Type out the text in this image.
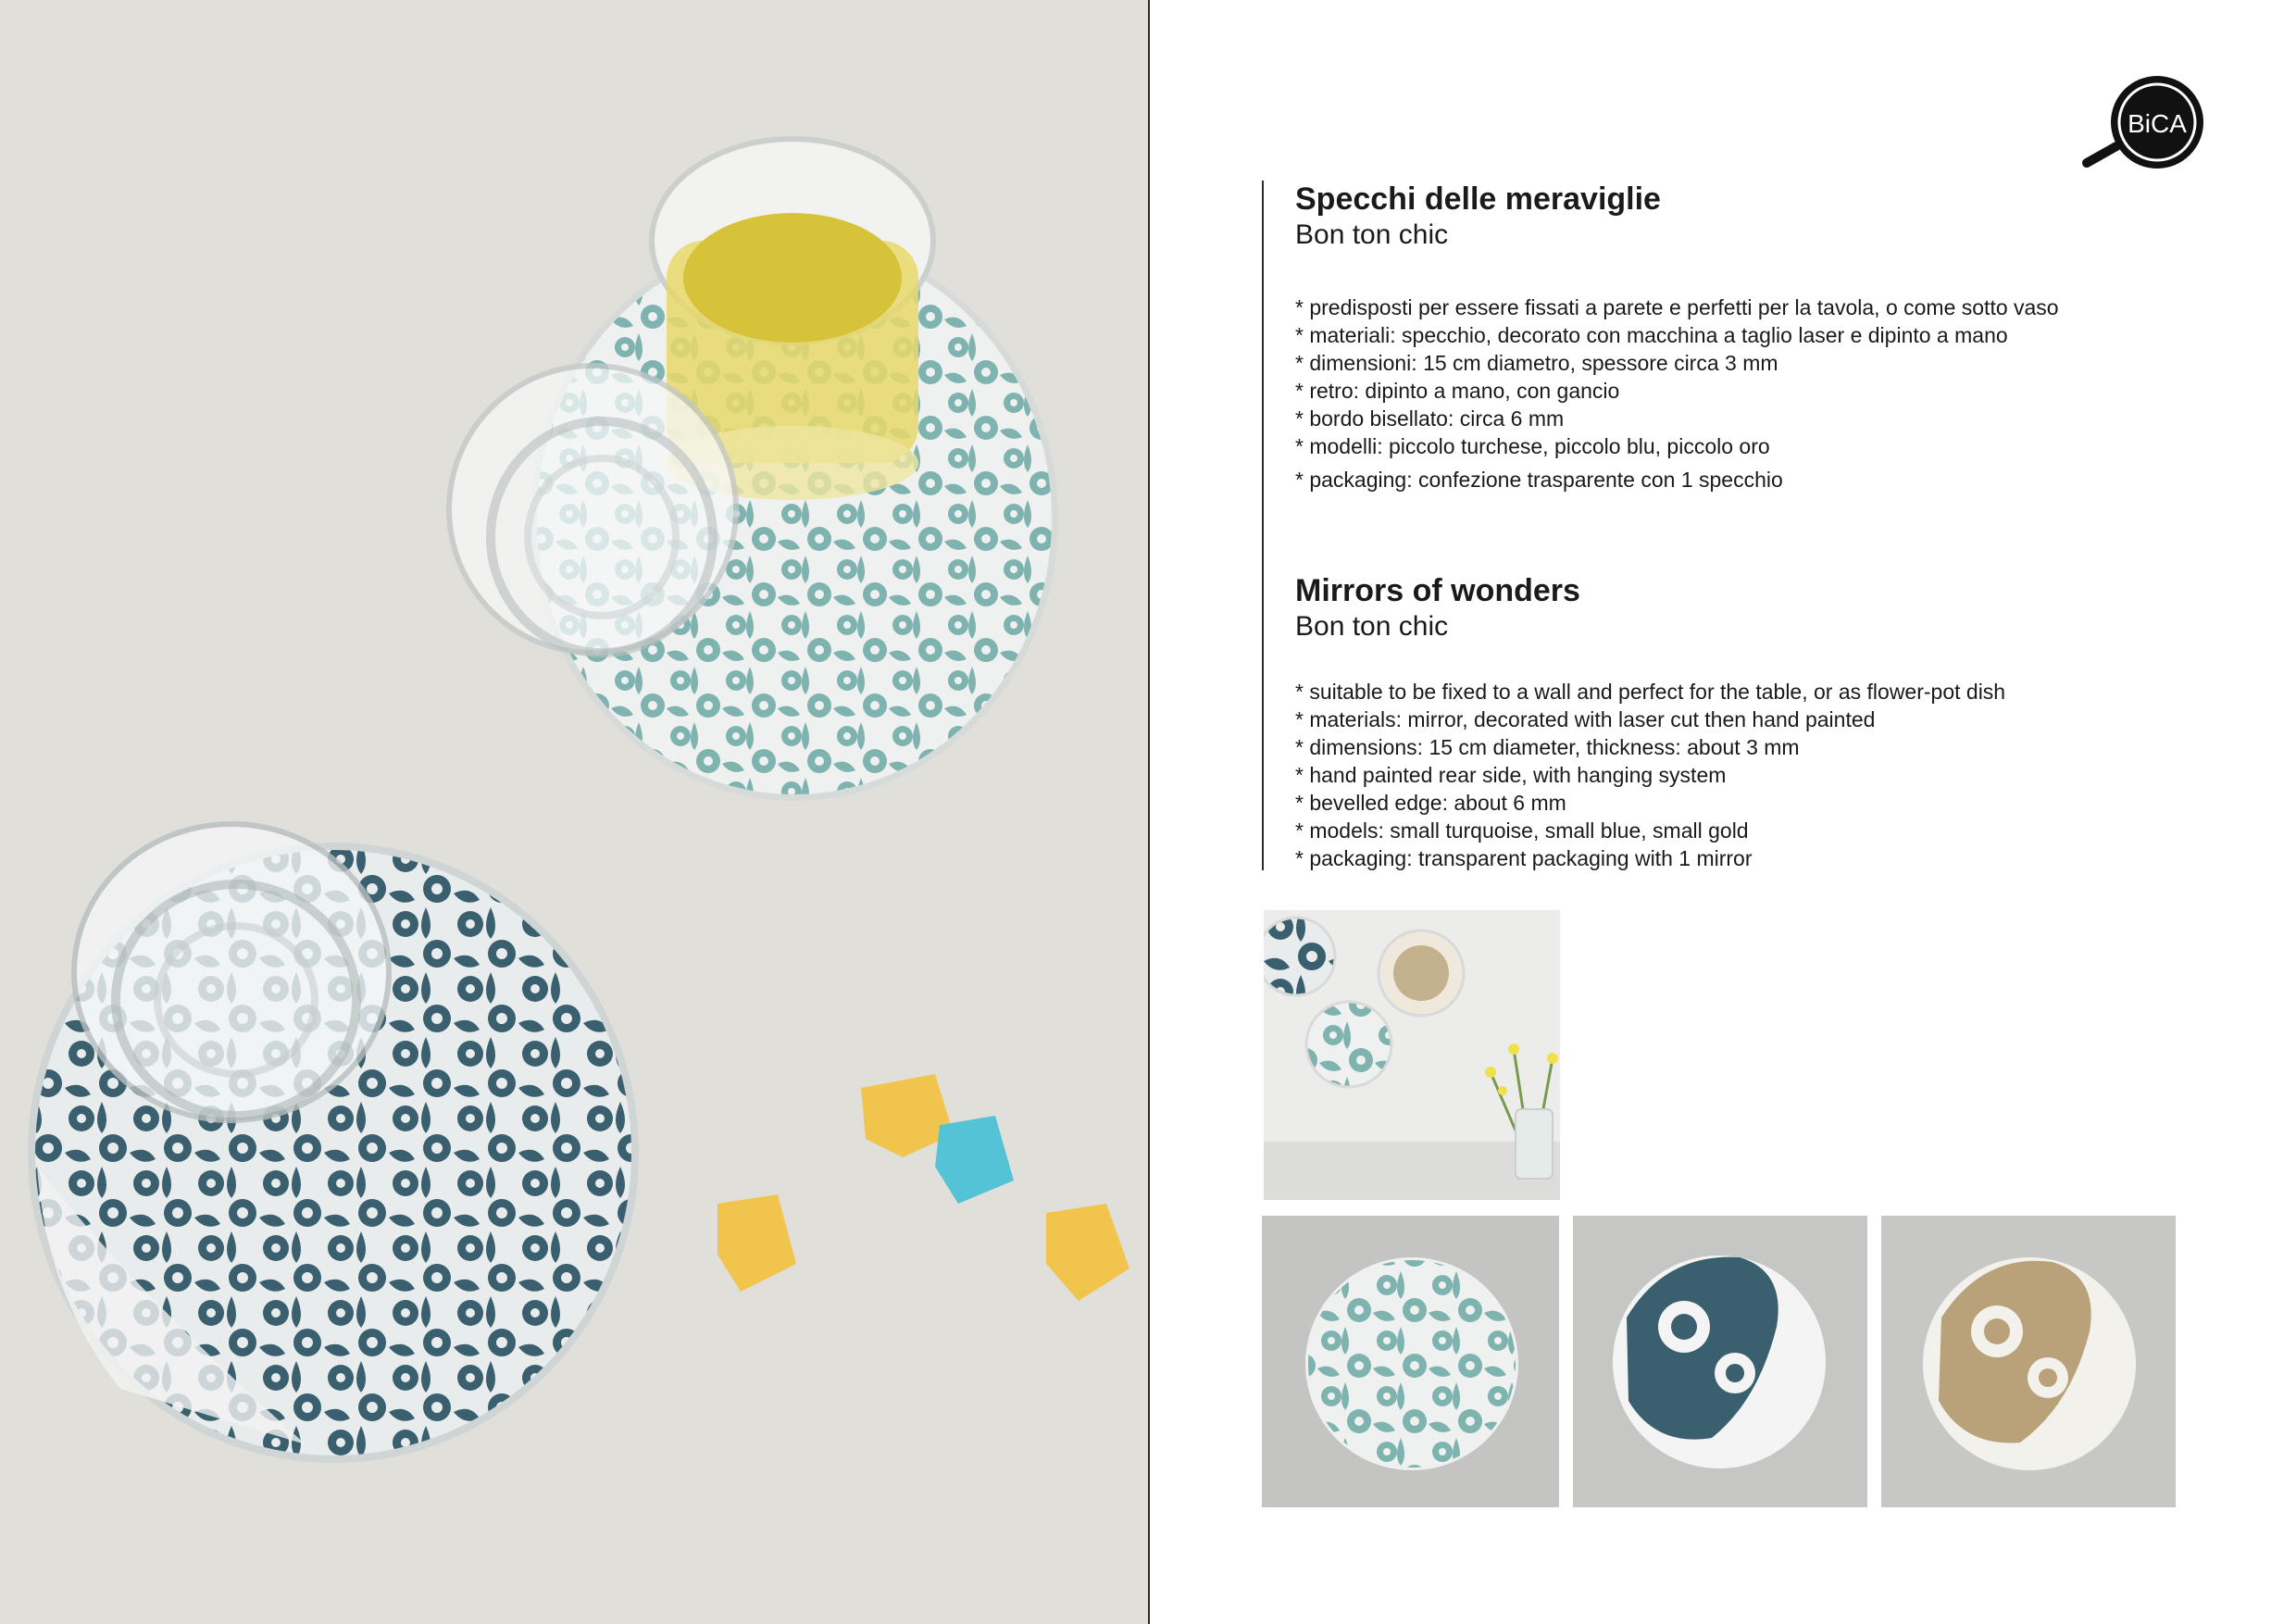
BiCA
Specchi delle meraviglie

Bon ton chic

* predisposti per essere fissati a parete e perfetti per la tavola, o come sotto vaso
* materiali: specchio, decorato con macchina a taglio laser e dipinto a mano
* dimensioni: 15 cm diametro, spessore circa 3 mm
* retro: dipinto a mano, con gancio
* bordo bisellato: circa 6 mm
* modelli: piccolo turchese, piccolo blu, piccolo oro
* packaging: confezione trasparente con 1 specchio
Mirrors of wonders

Bon ton chic

* suitable to be fixed to a wall and perfect for the table, or as flower-pot dish
* materials: mirror, decorated with laser cut then hand painted
* dimensions: 15 cm diameter, thickness: about 3 mm
* hand painted rear side, with hanging system
* bevelled edge: about 6 mm
* models: small turquoise, small blue, small gold
* packaging: transparent packaging with 1 mirror
